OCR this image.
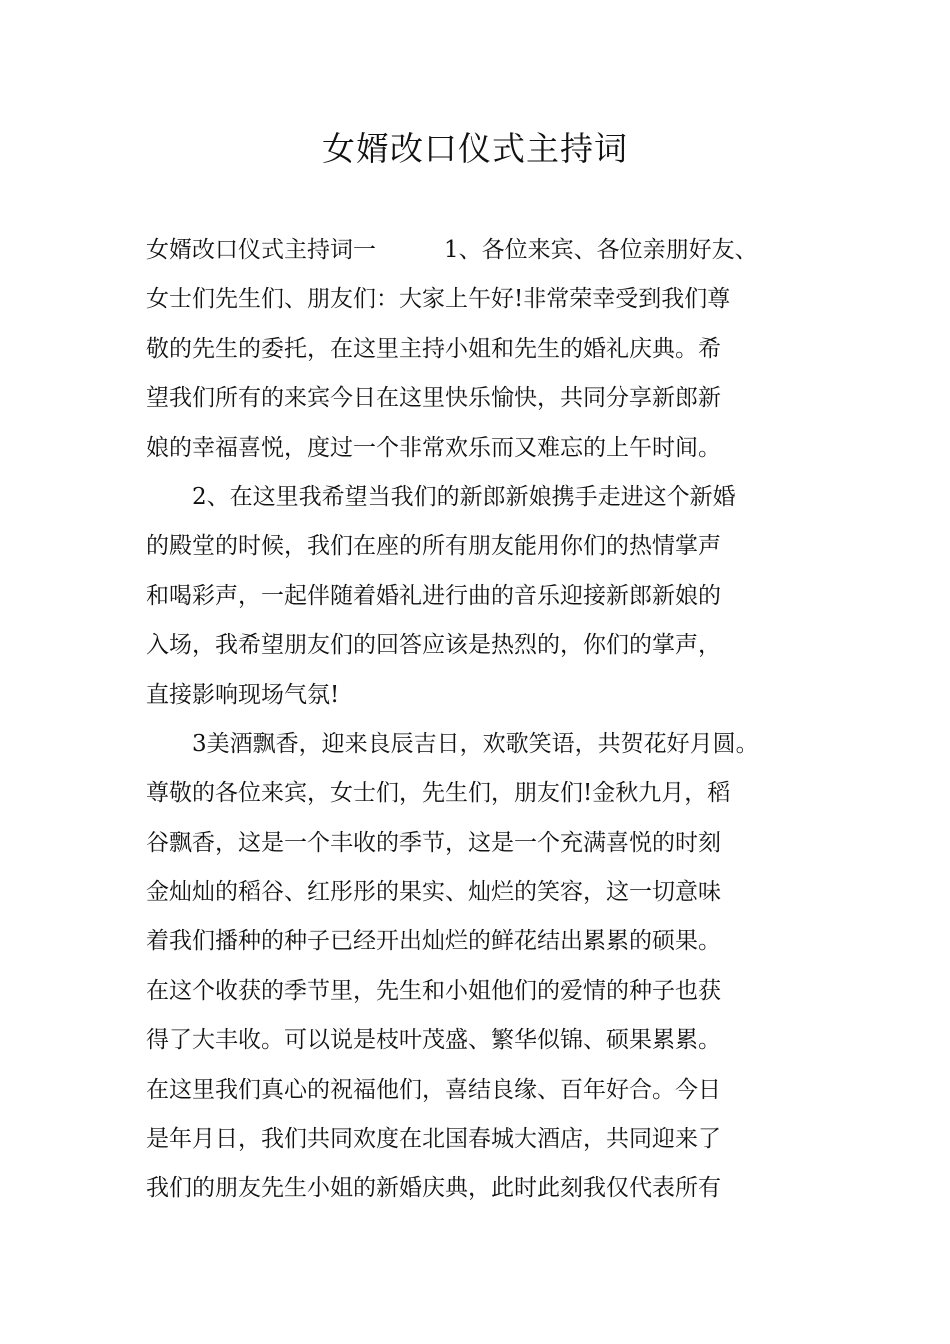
女婿改口仪式主持词
女婿改口仪式主持词一	1、各位来宾、各位亲朋好友、
女士们先生们、朋友们：大家上午好!非常荣幸受到我们尊
敬的先生的委托，在这里主持小姐和先生的婚礼庆典。希
望我们所有的来宾今日在这里快乐愉快，共同分享新郎新
娘的幸福喜悦，度过一个非常欢乐而又难忘的上午时间。
　　2、在这里我希望当我们的新郎新娘携手走进这个新婚
的殿堂的时候，我们在座的所有朋友能用你们的热情掌声
和喝彩声，一起伴随着婚礼进行曲的音乐迎接新郎新娘的
入场，我希望朋友们的回答应该是热烈的，你们的掌声，
直接影响现场气氛!
　　3美酒飘香，迎来良辰吉日，欢歌笑语，共贺花好月圆。
尊敬的各位来宾，女士们，先生们，朋友们!金秋九月，稻
谷飘香，这是一个丰收的季节，这是一个充满喜悦的时刻
金灿灿的稻谷、红彤彤的果实、灿烂的笑容，这一切意味
着我们播种的种子已经开出灿烂的鲜花结出累累的硕果。
在这个收获的季节里，先生和小姐他们的爱情的种子也获
得了大丰收。可以说是枝叶茂盛、繁华似锦、硕果累累。
在这里我们真心的祝福他们，喜结良缘、百年好合。今日
是年月日，我们共同欢度在北国春城大酒店，共同迎来了
我们的朋友先生小姐的新婚庆典，此时此刻我仅代表所有
